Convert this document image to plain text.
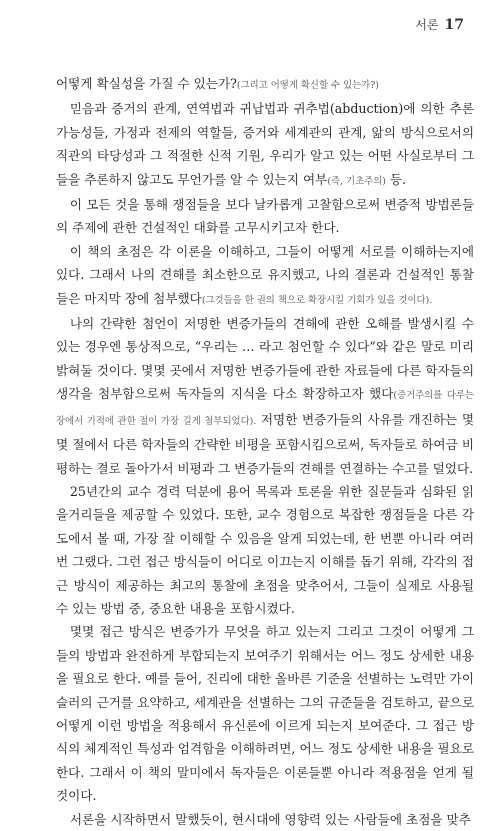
서론 17

어떻게 확실성을 가질 수 있는가?(그리고 어떻게 확신할 수 있는가?)

믿음과 증거의 관계, 연역법과 귀납법과 귀추법(abduction)에 의한 추론 가능성들, 가정과 전제의 역할들, 증거와 세계관의 관계, 앎의 방식으로서의 직관의 타당성과 그 적절한 신적 기원, 우리가 알고 있는 어떤 사실로부터 그들을 추론하지 않고도 무언가를 알 수 있는지 여부(즉, 기초주의) 등.

이 모든 것을 통해 쟁점들을 보다 날카롭게 고찰함으로써 변증적 방법론들의 주제에 관한 건설적인 대화를 고무시키고자 한다.

이 책의 초점은 각 이론을 이해하고, 그들이 어떻게 서로를 이해하는지에 있다. 그래서 나의 견해를 최소한으로 유지했고, 나의 결론과 건설적인 통찰들은 마지막 장에 첨부했다(그것들을 한 권의 책으로 확장시킬 기회가 있을 것이다).

나의 간략한 첨언이 저명한 변증가들의 견해에 관한 오해를 발생시킬 수 있는 경우엔 통상적으로, “우리는 … 라고 첨언할 수 있다”와 같은 말로 미리 밝혀둘 것이다. 몇몇 곳에서 저명한 변증가들에 관한 자료들에 다른 학자들의 생각을 첨부함으로써 독자들의 지식을 다소 확장하고자 했다(증거주의를 다루는 장에서 기적에 관한 절이 가장 길게 첨부되었다). 저명한 변증가들의 사유를 개진하는 몇몇 절에서 다른 학자들의 간략한 비평을 포함시킴으로써, 독자들로 하여금 비평하는 결로 돌아가서 비평과 그 변증가들의 견해를 연결하는 수고를 덜었다.

25년간의 교수 경력 덕분에 용어 목록과 토론을 위한 질문들과 심화된 읽을거리들을 제공할 수 있었다. 또한, 교수 경험으로 복잡한 쟁점들을 다른 각도에서 볼 때, 가장 잘 이해할 수 있음을 알게 되었는데, 한 번뿐 아니라 여러 번 그랬다. 그런 접근 방식들이 어디로 이끄는지 이해를 돕기 위해, 각각의 접근 방식이 제공하는 최고의 통찰에 초점을 맞추어서, 그들이 실제로 사용될 수 있는 방법 중, 중요한 내용을 포함시켰다.

몇몇 접근 방식은 변증가가 무엇을 하고 있는지 그리고 그것이 어떻게 그들의 방법과 완전하게 부합되는지 보여주기 위해서는 어느 정도 상세한 내용을 필요로 한다. 예를 들어, 진리에 대한 올바른 기준을 선별하는 노력만 가이슬러의 근거를 요약하고, 세계관을 선별하는 그의 규준들을 검토하고, 끝으로 어떻게 이런 방법을 적용해서 유신론에 이르게 되는지 보여준다. 그 접근 방식의 체계적인 특성과 엄격함을 이해하려면, 어느 정도 상세한 내용을 필요로 한다. 그래서 이 책의 말미에서 독자들은 이론들뿐 아니라 적용점을 얻게 될 것이다.

서론을 시작하면서 말했듯이, 현시대에 영향력 있는 사람들에 초점을 맞추
